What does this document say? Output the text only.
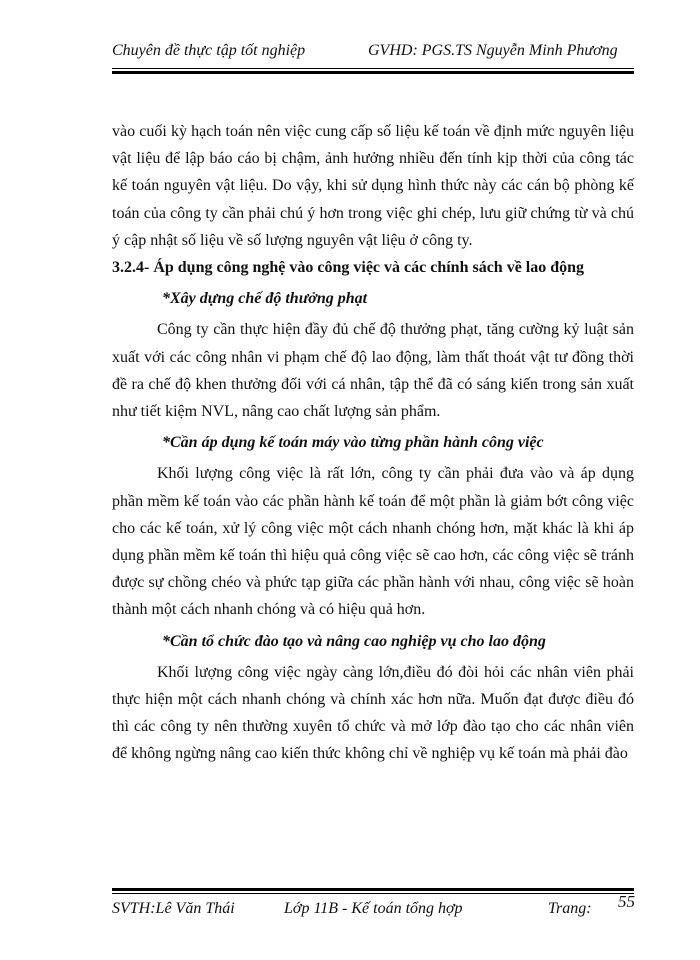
Chuyên đề thực tập tốt nghiệp	GVHD: PGS.TS Nguyễn Minh Phương

vào cuối kỳ hạch toán nên việc cung cấp số liệu kế toán về định mức nguyên liệu vật liệu để lập báo cáo bị chậm, ảnh hưởng nhiều đến tính kịp thời của công tác kế toán nguyên vật liệu. Do vậy, khi sử dụng hình thức này các cán bộ phòng kế toán của công ty cần phải chú ý hơn trong việc ghi chép, lưu giữ chứng từ và chú ý cập nhật số liệu về số lượng nguyên vật liệu ở công ty.

3.2.4- Áp dụng công nghệ vào công việc và các chính sách về lao động

*Xây dựng chế độ thưởng phạt

Công ty cần thực hiện đầy đủ chế độ thưởng phạt, tăng cường kỷ luật sản xuất với các công nhân vi phạm chế độ lao động, làm thất thoát vật tư đồng thời đề ra chế độ khen thưởng đối với cá nhân, tập thể đã có sáng kiến trong sản xuất như tiết kiệm NVL, nâng cao chất lượng sản phẩm.

*Cần áp dụng kế toán máy vào từng phần hành công việc

Khối lượng công việc là rất lớn, công ty cần phải đưa vào và áp dụng phần mềm kế toán vào các phần hành kế toán để một phần là giảm bớt công việc cho các kế toán, xử lý công việc một cách nhanh chóng hơn, mặt khác là khi áp dụng phần mềm kế toán thì hiệu quả công việc sẽ cao hơn, các công việc sẽ tránh được sự chồng chéo và phức tạp giữa các phần hành với nhau, công việc sẽ hoàn thành một cách nhanh chóng và có hiệu quả hơn.

*Cần tổ chức đào tạo và nâng cao nghiệp vụ cho lao động

Khối lượng công việc ngày càng lớn,điều đó đòi hỏi các nhân viên phải thực hiện một cách nhanh chóng và chính xác hơn nữa. Muốn đạt được điều đó thì các công ty nên thường xuyên tổ chức và mở lớp đào tạo cho các nhân viên để không ngừng nâng cao kiến thức không chỉ về nghiệp vụ kế toán mà phải đào

SVTH:Lê Văn Thái	Lớp 11B - Kế toán tổng hợp	Trang: 55
